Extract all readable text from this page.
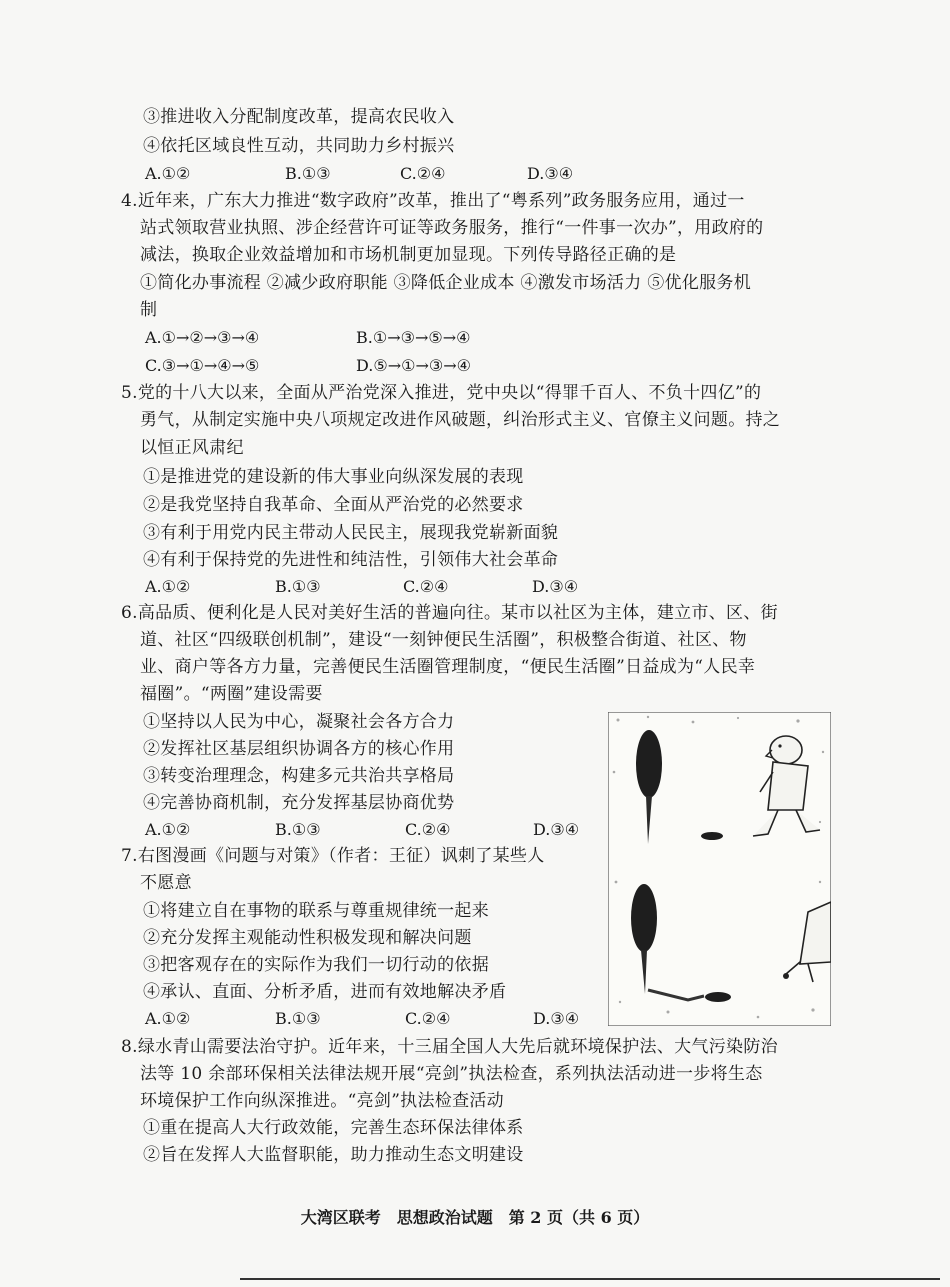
③推进收入分配制度改革，提高农民收入
④依托区域良性互动，共同助力乡村振兴
A.①②	B.①③	C.②④	D.③④
4.近年来，广东大力推进“数字政府”改革，推出了“粤系列”政务服务应用，通过一
站式领取营业执照、涉企经营许可证等政务服务，推行“一件事一次办”，用政府的
减法，换取企业效益增加和市场机制更加显现。下列传导路径正确的是
①简化办事流程 ②减少政府职能 ③降低企业成本 ④激发市场活力 ⑤优化服务机
制
A.①→②→③→④	B.①→③→⑤→④
C.③→①→④→⑤	D.⑤→①→③→④
5.党的十八大以来，全面从严治党深入推进，党中央以“得罪千百人、不负十四亿”的
勇气，从制定实施中央八项规定改进作风破题，纠治形式主义、官僚主义问题。持之
以恒正风肃纪
①是推进党的建设新的伟大事业向纵深发展的表现
②是我党坚持自我革命、全面从严治党的必然要求
③有利于用党内民主带动人民民主，展现我党崭新面貌
④有利于保持党的先进性和纯洁性，引领伟大社会革命
A.①②	B.①③	C.②④	D.③④
6.高品质、便利化是人民对美好生活的普遍向往。某市以社区为主体，建立市、区、街
道、社区“四级联创机制”，建设“一刻钟便民生活圈”，积极整合街道、社区、物
业、商户等各方力量，完善便民生活圈管理制度，“便民生活圈”日益成为“人民幸
福圈”。“两圈”建设需要
①坚持以人民为中心，凝聚社会各方合力
②发挥社区基层组织协调各方的核心作用
③转变治理理念，构建多元共治共享格局
④完善协商机制，充分发挥基层协商优势
A.①②	B.①③	C.②④	D.③④
7.右图漫画《问题与对策》（作者：王征）讽刺了某些人
不愿意
①将建立自在事物的联系与尊重规律统一起来
②充分发挥主观能动性积极发现和解决问题
③把客观存在的实际作为我们一切行动的依据
④承认、直面、分析矛盾，进而有效地解决矛盾
A.①②	B.①③	C.②④	D.③④
8.绿水青山需要法治守护。近年来，十三届全国人大先后就环境保护法、大气污染防治
法等 10 余部环保相关法律法规开展“亮剑”执法检查，系列执法活动进一步将生态
环境保护工作向纵深推进。“亮剑”执法检查活动
①重在提高人大行政效能，完善生态环保法律体系
②旨在发挥人大监督职能，助力推动生态文明建设
大湾区联考　思想政治试题　第 2 页（共 6 页）
